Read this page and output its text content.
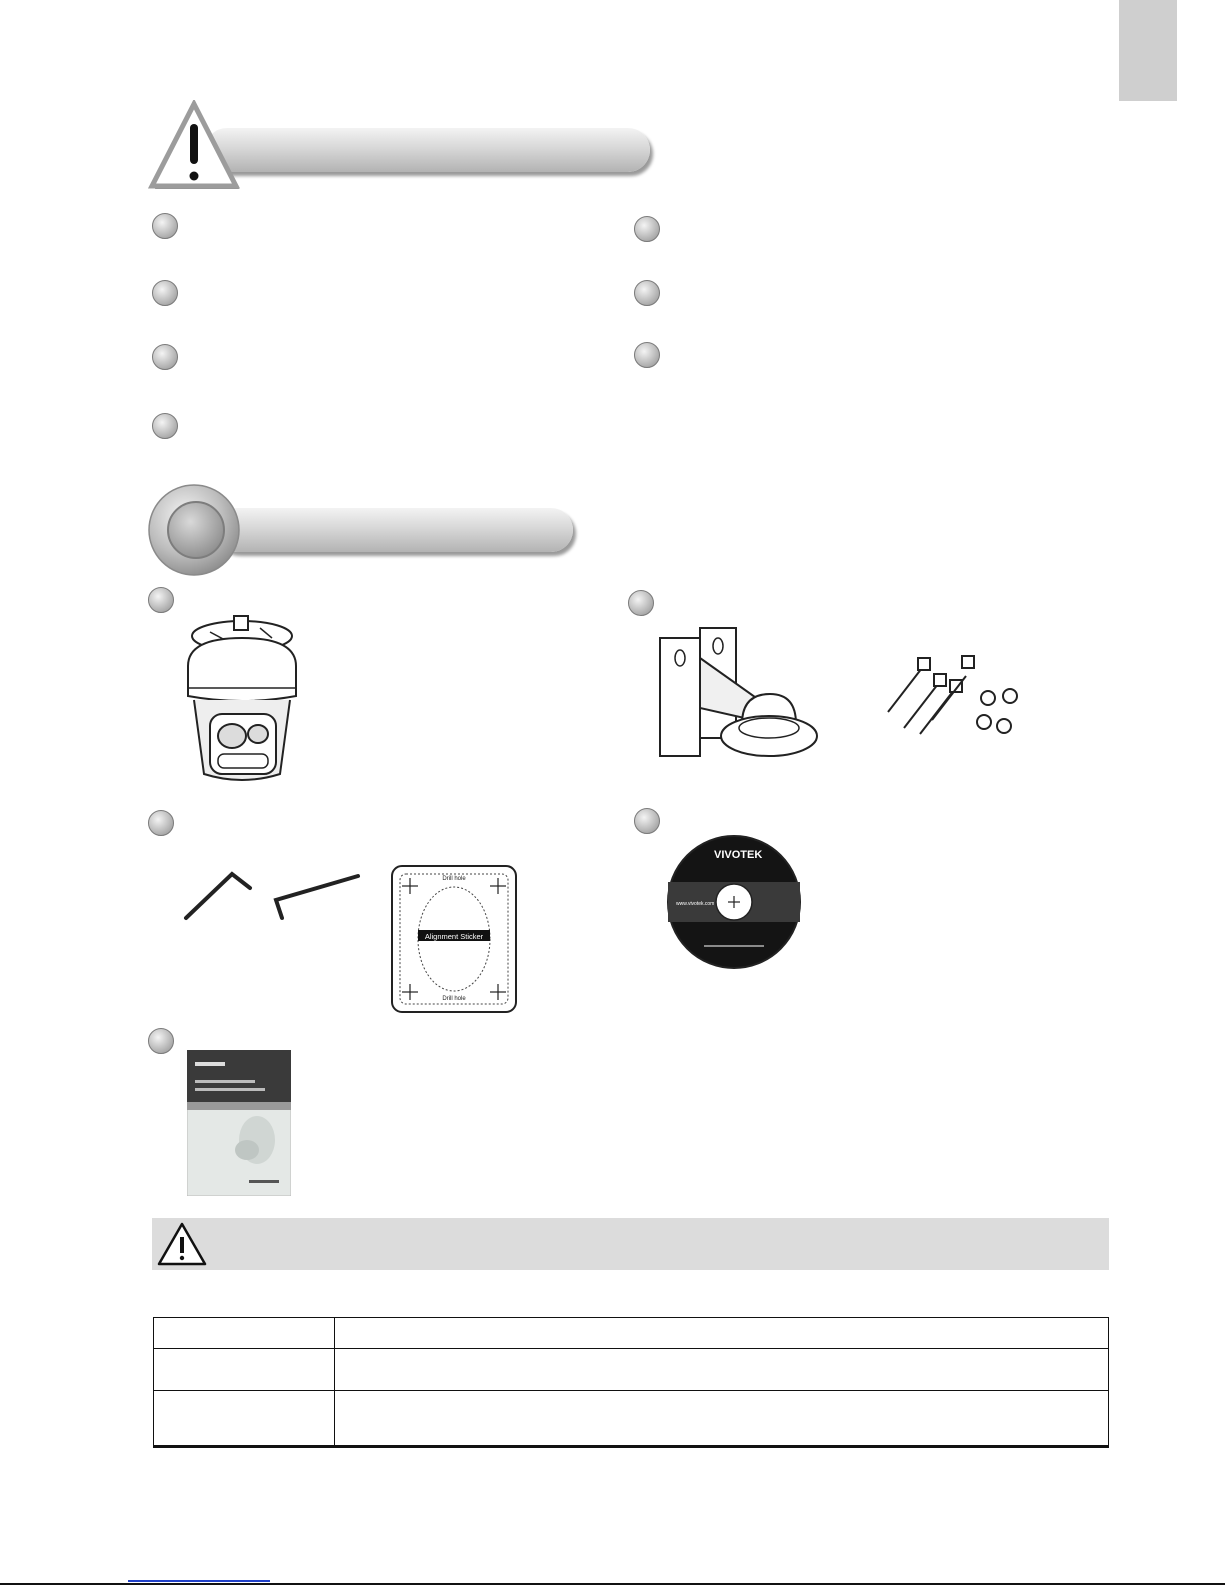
Drill hole
Alignment Sticker
Drill hole
VIVOTEK
www.vivotek.com
